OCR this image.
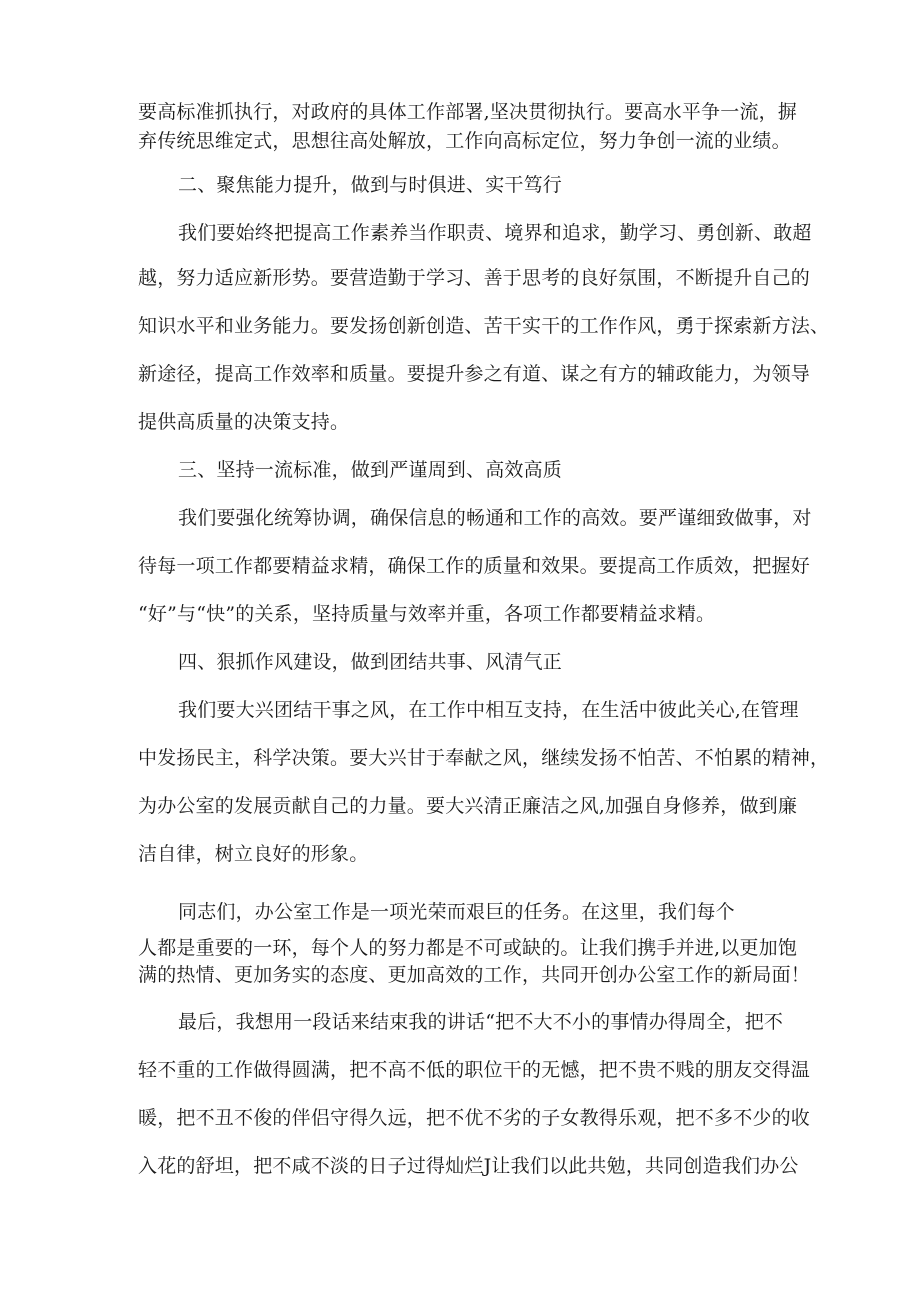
要高标准抓执行，对政府的具体工作部署,坚决贯彻执行。要高水平争一流，摒

弃传统思维定式，思想往高处解放，工作向高标定位，努力争创一流的业绩。

二、聚焦能力提升，做到与时俱进、实干笃行

我们要始终把提高工作素养当作职责、境界和追求，勤学习、勇创新、敢超

越，努力适应新形势。要营造勤于学习、善于思考的良好氛围，不断提升自己的

知识水平和业务能力。要发扬创新创造、苦干实干的工作作风，勇于探索新方法、

新途径，提高工作效率和质量。要提升参之有道、谋之有方的辅政能力，为领导

提供高质量的决策支持。

三、坚持一流标准，做到严谨周到、高效高质

我们要强化统筹协调，确保信息的畅通和工作的高效。要严谨细致做事，对

待每一项工作都要精益求精，确保工作的质量和效果。要提高工作质效，把握好

“好”与“快”的关系，坚持质量与效率并重，各项工作都要精益求精。

四、狠抓作风建设，做到团结共事、风清气正

我们要大兴团结干事之风，在工作中相互支持，在生活中彼此关心,在管理

中发扬民主，科学决策。要大兴甘于奉献之风，继续发扬不怕苦、不怕累的精神，

为办公室的发展贡献自己的力量。要大兴清正廉洁之风,加强自身修养，做到廉

洁自律，树立良好的形象。

同志们，办公室工作是一项光荣而艰巨的任务。在这里，我们每个

人都是重要的一环，每个人的努力都是不可或缺的。让我们携手并进,以更加饱

满的热情、更加务实的态度、更加高效的工作，共同开创办公室工作的新局面！

最后，我想用一段话来结束我的讲话“把不大不小的事情办得周全，把不

轻不重的工作做得圆满，把不高不低的职位干的无憾，把不贵不贱的朋友交得温

暖，把不丑不俊的伴侣守得久远，把不优不劣的子女教得乐观，把不多不少的收

入花的舒坦，把不咸不淡的日子过得灿烂J让我们以此共勉，共同创造我们办公
